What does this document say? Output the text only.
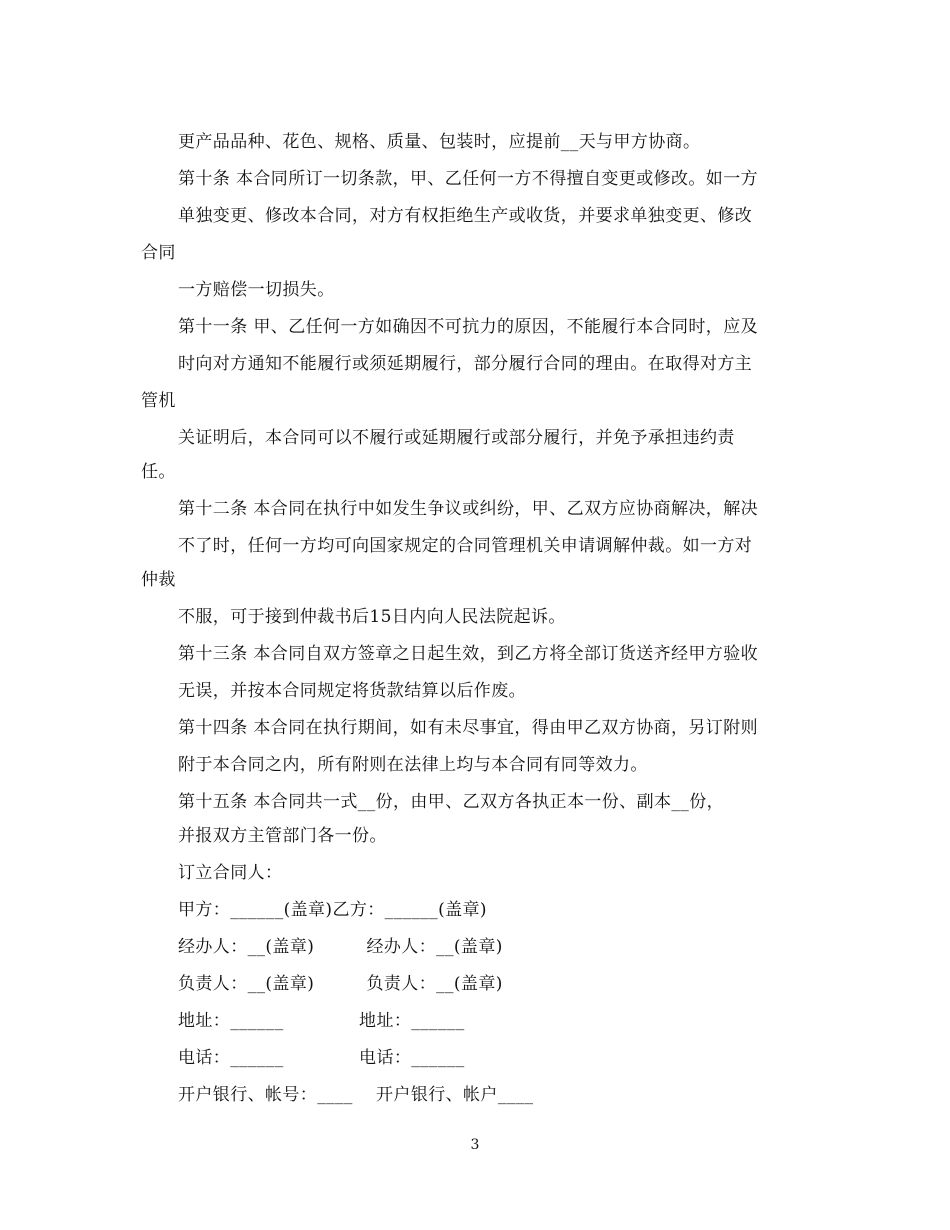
更产品品种、花色、规格、质量、包装时，应提前__天与甲方协商。
第十条 本合同所订一切条款，甲、乙任何一方不得擅自变更或修改。如一方
单独变更、修改本合同，对方有权拒绝生产或收货，并要求单独变更、修改
合同
一方赔偿一切损失。
第十一条 甲、乙任何一方如确因不可抗力的原因，不能履行本合同时，应及
时向对方通知不能履行或须延期履行，部分履行合同的理由。在取得对方主
管机
关证明后，本合同可以不履行或延期履行或部分履行，并免予承担违约责
任。
第十二条 本合同在执行中如发生争议或纠纷，甲、乙双方应协商解决，解决
不了时，任何一方均可向国家规定的合同管理机关申请调解仲裁。如一方对
仲裁
不服，可于接到仲裁书后15日内向人民法院起诉。
第十三条 本合同自双方签章之日起生效，到乙方将全部订货送齐经甲方验收
无误，并按本合同规定将货款结算以后作废。
第十四条 本合同在执行期间，如有未尽事宜，得由甲乙双方协商，另订附则
附于本合同之内，所有附则在法律上均与本合同有同等效力。
第十五条 本合同共一式__份，由甲、乙双方各执正本一份、副本__份，
并报双方主管部门各一份。
订立合同人：
甲方：______(盖章)乙方：______(盖章)
经办人：__(盖章)         经办人：__(盖章)
负责人：__(盖章)         负责人：__(盖章)
地址：______             地址：______
电话：______             电话：______
开户银行、帐号：____    开户银行、帐户____
3
